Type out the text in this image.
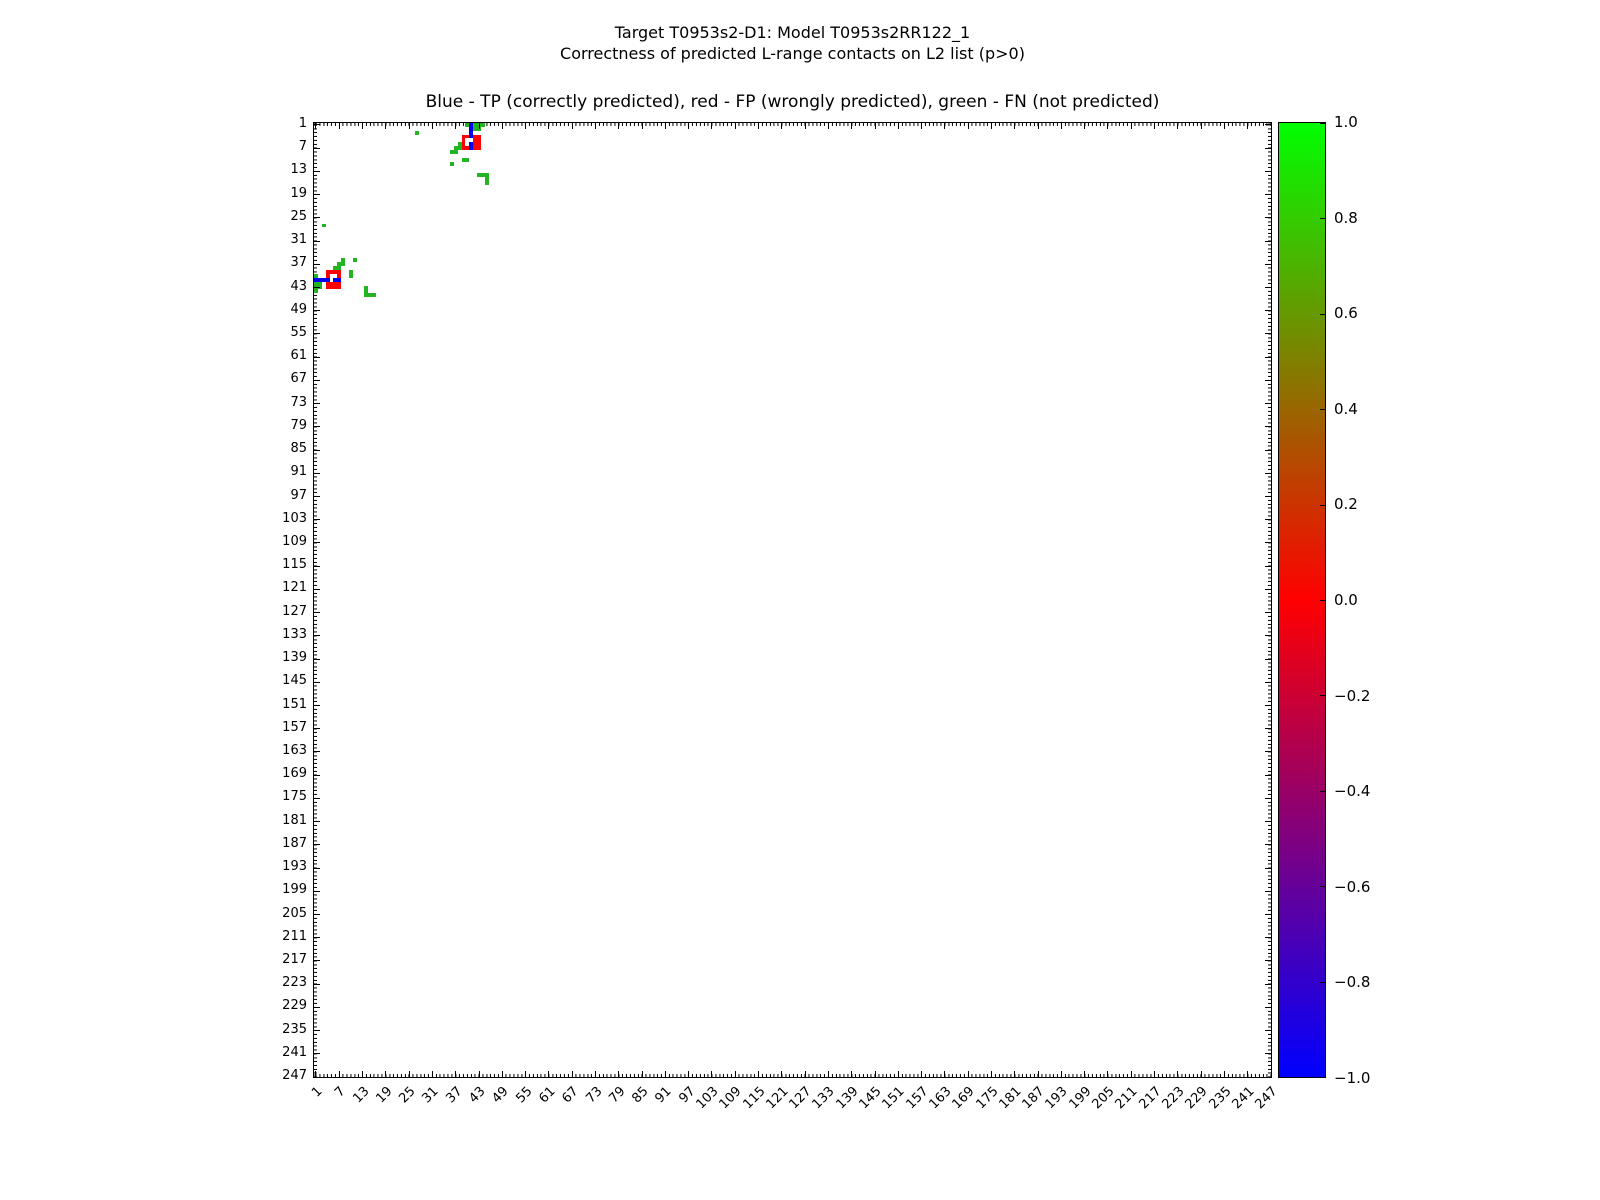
Target T0953s2-D1: Model T0953s2RR122_1
Correctness of predicted L-range contacts on L2 list (p>0)
Blue - TP (correctly predicted), red - FP (wrongly predicted), green - FN (not predicted)
1
7
13
19
25
31
37
43
49
55
61
67
73
79
85
91
97
103
109
115
121
127
133
139
145
151
157
163
169
175
181
187
193
199
205
211
217
223
229
235
241
247
1 7 13 19 25 31 37 43 49 55 61 67 73 79 85 91 97
103
109
115
121
127
133
139
145
151
157
163
169
175
181
187
193
199
205
211
217
223
229
235
241
247
1.0
0.8
0.6
0.4
0.2
0.0
−0.2
−0.4
−0.6
−0.8
−1.0
